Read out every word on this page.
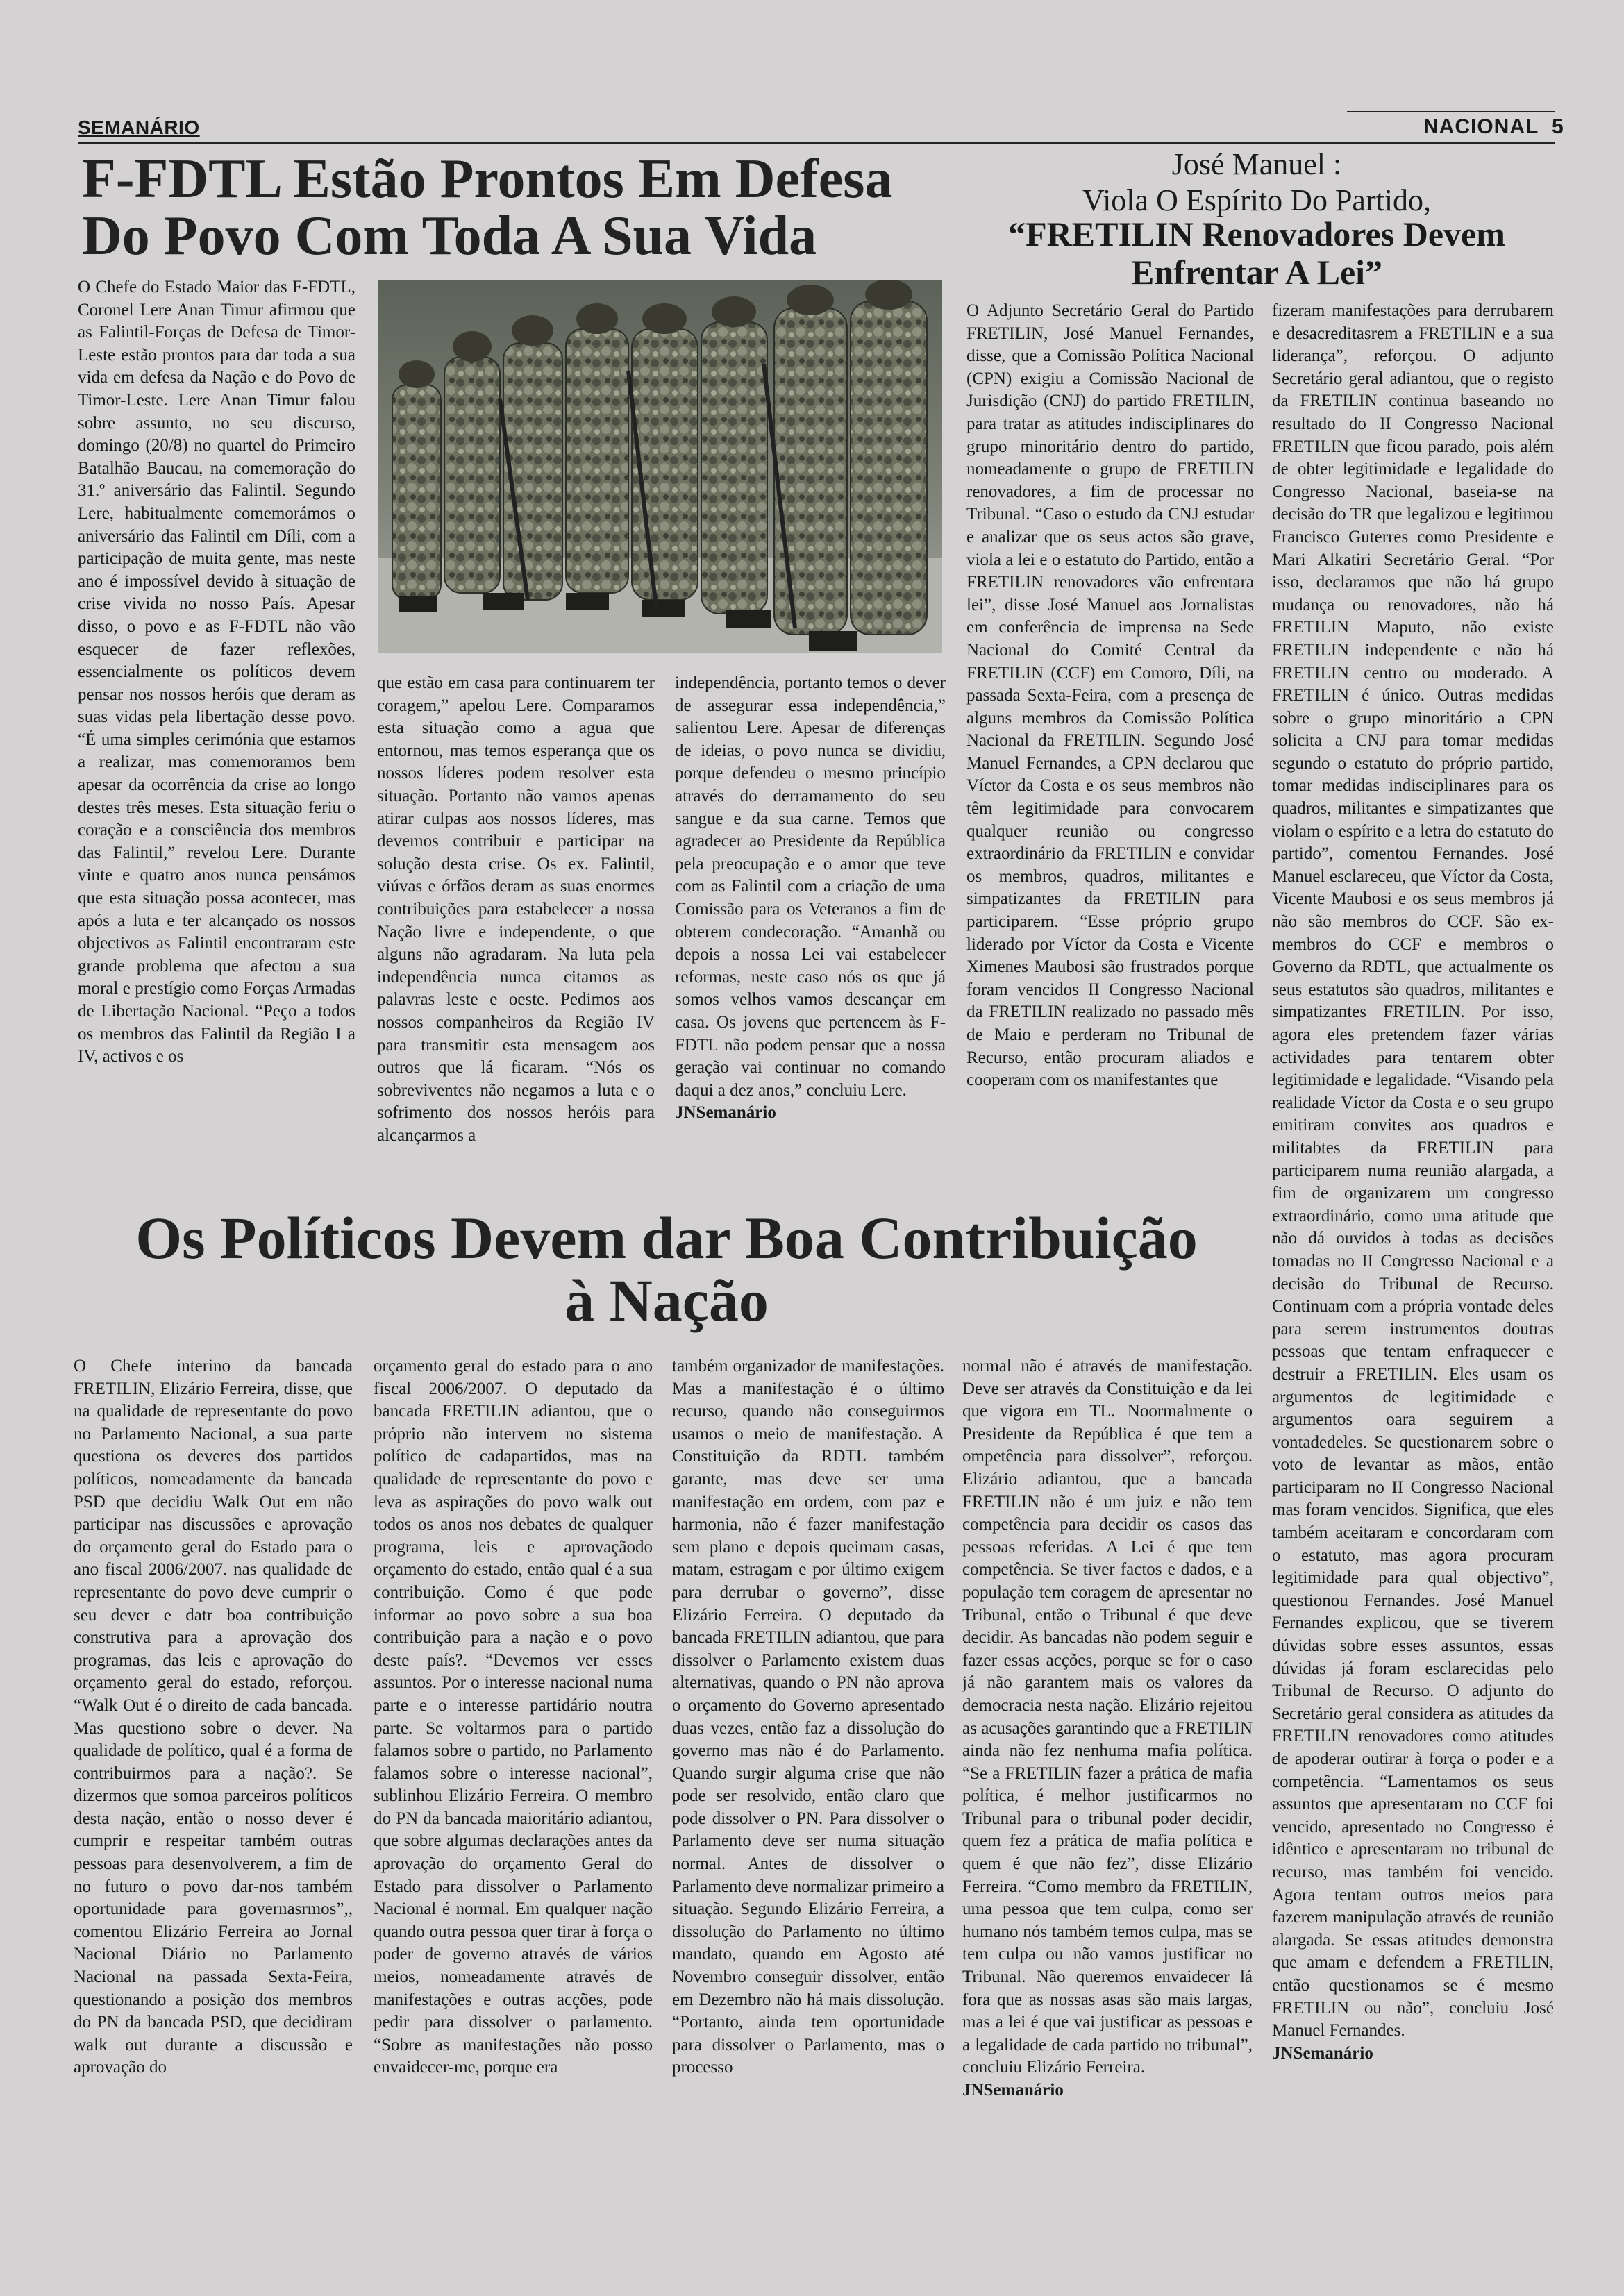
SEMANÁRIO	NACIONAL 5
F-FDTL Estão Prontos Em Defesa
Do Povo Com Toda A Sua Vida

O Chefe do Estado Maior das F-FDTL, Coronel Lere Anan Timur afirmou que as Falintil-Forças de Defesa de Timor-Leste estão prontos para dar toda a sua vida em defesa da Nação e do Povo de Timor-Leste. Lere Anan Timur falou sobre assunto, no seu discurso, domingo (20/8) no quartel do Primeiro Batalhão Baucau, na comemoração do 31.º aniversário das Falintil. Segundo Lere, habitualmente comemorámos o aniversário das Falintil em Díli, com a participação de muita gente, mas neste ano é impossível devido à situação de crise vivida no nosso País. Apesar disso, o povo e as F-FDTL não vão esquecer de fazer reflexões, essencialmente os políticos devem pensar nos nossos heróis que deram as suas vidas pela libertação desse povo. “É uma simples cerimónia que estamos a realizar, mas comemoramos bem apesar da ocorrência da crise ao longo destes três meses. Esta situação feriu o coração e a consciência dos membros das Falintil,” revelou Lere. Durante vinte e quatro anos nunca pensámos que esta situação possa acontecer, mas após a luta e ter alcançado os nossos objectivos as Falintil encontraram este grande problema que afectou a sua moral e prestígio como Forças Armadas de Libertação Nacional. “Peço a todos os membros das Falintil da Região I a IV, activos e os

que estão em casa para continuarem ter coragem,” apelou Lere. Comparamos esta situação como a agua que entornou, mas temos esperança que os nossos líderes podem resolver esta situação. Portanto não vamos apenas atirar culpas aos nossos líderes, mas devemos contribuir e participar na solução desta crise. Os ex. Falintil, viúvas e órfãos deram as suas enormes contribuições para estabelecer a nossa Nação livre e independente, o que alguns não agradaram. Na luta pela independência nunca citamos as palavras leste e oeste. Pedimos aos nossos companheiros da Região IV para transmitir esta mensagem aos outros que lá ficaram. “Nós os sobreviventes não negamos a luta e o sofrimento dos nossos heróis para alcançarmos a

independência, portanto temos o dever de assegurar essa independência,” salientou Lere. Apesar de diferenças de ideias, o povo nunca se dividiu, porque defendeu o mesmo princípio através do derramamento do seu sangue e da sua carne. Temos que agradecer ao Presidente da República pela preocupação e o amor que teve com as Falintil com a criação de uma Comissão para os Veteranos a fim de obterem condecoração. “Amanhã ou depois a nossa Lei vai estabelecer reformas, neste caso nós os que já somos velhos vamos descançar em casa. Os jovens que pertencem às F-FDTL não podem pensar que a nossa geração vai continuar no comando daqui a dez anos,” concluiu Lere.

JNSemanário

José Manuel :
Viola O Espírito Do Partido,
“FRETILIN Renovadores Devem Enfrentar A Lei”

O Adjunto Secretário Geral do Partido FRETILIN, José Manuel Fernandes, disse, que a Comissão Política Nacional (CPN) exigiu a Comissão Nacional de Jurisdição (CNJ) do partido FRETILIN, para tratar as atitudes indisciplinares do grupo minoritário dentro do partido, nomeadamente o grupo de FRETILIN renovadores, a fim de processar no Tribunal. “Caso o estudo da CNJ estudar e analizar que os seus actos são grave, viola a lei e o estatuto do Partido, então a FRETILIN renovadores vão enfrentara lei”, disse José Manuel aos Jornalistas em conferência de imprensa na Sede Nacional do Comité Central da FRETILIN (CCF) em Comoro, Díli, na passada Sexta-Feira, com a presença de alguns membros da Comissão Política Nacional da FRETILIN. Segundo José Manuel Fernandes, a CPN declarou que Víctor da Costa e os seus membros não têm legitimidade para convocarem qualquer reunião ou congresso extraordinário da FRETILIN e convidar os membros, quadros, militantes e simpatizantes da FRETILIN para participarem. “Esse próprio grupo liderado por Víctor da Costa e Vicente Ximenes Maubosi são frustrados porque foram vencidos II Congresso Nacional da FRETILIN realizado no passado mês de Maio e perderam no Tribunal de Recurso, então procuram aliados e cooperam com os manifestantes que

fizeram manifestações para derrubarem e desacreditasrem a FRETILIN e a sua liderança”, reforçou. O adjunto Secretário geral adiantou, que o registo da FRETILIN continua baseando no resultado do II Congresso Nacional FRETILIN que ficou parado, pois além de obter legitimidade e legalidade do Congresso Nacional, baseia-se na decisão do TR que legalizou e legitimou Francisco Guterres como Presidente e Mari Alkatiri Secretário Geral. “Por isso, declaramos que não há grupo mudança ou renovadores, não há FRETILIN Maputo, não existe FRETILIN independente e não há FRETILIN centro ou moderado. A FRETILIN é único. Outras medidas sobre o grupo minoritário a CPN solicita a CNJ para tomar medidas segundo o estatuto do próprio partido, tomar medidas indisciplinares para os quadros, militantes e simpatizantes que violam o espírito e a letra do estatuto do partido”, comentou Fernandes. José Manuel esclareceu, que Víctor da Costa, Vicente Maubosi e os seus membros já não são membros do CCF. São ex-membros do CCF e membros o Governo da RDTL, que actualmente os seus estatutos são quadros, militantes e simpatizantes FRETILIN. Por isso, agora eles pretendem fazer várias actividades para tentarem obter legitimidade e legalidade. “Visando pela realidade Víctor da Costa e o seu grupo emitiram convites aos quadros e militabtes da FRETILIN para participarem numa reunião alargada, a fim de organizarem um congresso extraordinário, como uma atitude que não dá ouvidos à todas as decisões tomadas no II Congresso Nacional e a decisão do Tribunal de Recurso. Continuam com a própria vontade deles para serem instrumentos doutras pessoas que tentam enfraquecer e destruir a FRETILIN. Eles usam os argumentos de legitimidade e argumentos oara seguirem a vontadedeles. Se questionarem sobre o voto de levantar as mãos, então participaram no II Congresso Nacional mas foram vencidos. Significa, que eles também aceitaram e concordaram com o estatuto, mas agora procuram legitimidade para qual objectivo”, questionou Fernandes. José Manuel Fernandes explicou, que se tiverem dúvidas sobre esses assuntos, essas dúvidas já foram esclarecidas pelo Tribunal de Recurso. O adjunto do Secretário geral considera as atitudes da FRETILIN renovadores como atitudes de apoderar outirar à força o poder e a competência. “Lamentamos os seus assuntos que apresentaram no CCF foi vencido, apresentado no Congresso é idêntico e apresentaram no tribunal de recurso, mas também foi vencido. Agora tentam outros meios para fazerem manipulação através de reunião alargada. Se essas atitudes demonstra que amam e defendem a FRETILIN, então questionamos se é mesmo FRETILIN ou não”, concluiu José Manuel Fernandes.

JNSemanário

Os Políticos Devem dar Boa Contribuição
à Nação

O Chefe interino da bancada FRETILIN, Elizário Ferreira, disse, que na qualidade de representante do povo no Parlamento Nacional, a sua parte questiona os deveres dos partidos políticos, nomeadamente da bancada PSD que decidiu Walk Out em não participar nas discussões e aprovação do orçamento geral do Estado para o ano fiscal 2006/2007. nas qualidade de representante do povo deve cumprir o seu dever e datr boa contribuição construtiva para a aprovação dos programas, das leis e aprovação do orçamento geral do estado, reforçou. “Walk Out é o direito de cada bancada. Mas questiono sobre o dever. Na qualidade de político, qual é a forma de contribuirmos para a nação?. Se dizermos que somoa parceiros políticos desta nação, então o nosso dever é cumprir e respeitar também outras pessoas para desenvolverem, a fim de no futuro o povo dar-nos também oportunidade para governasrmos”,, comentou Elizário Ferreira ao Jornal Nacional Diário no Parlamento Nacional na passada Sexta-Feira, questionando a posição dos membros do PN da bancada PSD, que decidiram walk out durante a discussão e aprovação do

orçamento geral do estado para o ano fiscal 2006/2007. O deputado da bancada FRETILIN adiantou, que o próprio não intervem no sistema político de cadapartidos, mas na qualidade de representante do povo e leva as aspirações do povo walk out todos os anos nos debates de qualquer programa, leis e aprovaçãodo orçamento do estado, então qual é a sua contribuição. Como é que pode informar ao povo sobre a sua boa contribuição para a nação e o povo deste país?. “Devemos ver esses assuntos. Por o interesse nacional numa parte e o interesse partidário noutra parte. Se voltarmos para o partido falamos sobre o partido, no Parlamento falamos sobre o interesse nacional”, sublinhou Elizário Ferreira. O membro do PN da bancada maioritário adiantou, que sobre algumas declarações antes da aprovação do orçamento Geral do Estado para dissolver o Parlamento Nacional é normal. Em qualquer nação quando outra pessoa quer tirar à força o poder de governo através de vários meios, nomeadamente através de manifestações e outras acções, pode pedir para dissolver o parlamento. “Sobre as manifestações não posso envaidecer-me, porque era

também organizador de manifestações. Mas a manifestação é o último recurso, quando não conseguirmos usamos o meio de manifestação. A Constituição da RDTL também garante, mas deve ser uma manifestação em ordem, com paz e harmonia, não é fazer manifestação sem plano e depois queimam casas, matam, estragam e por último exigem para derrubar o governo”, disse Elizário Ferreira. O deputado da bancada FRETILIN adiantou, que para dissolver o Parlamento existem duas alternativas, quando o PN não aprova o orçamento do Governo apresentado duas vezes, então faz a dissolução do governo mas não é do Parlamento. Quando surgir alguma crise que não pode ser resolvido, então claro que pode dissolver o PN. Para dissolver o Parlamento deve ser numa situação normal. Antes de dissolver o Parlamento deve normalizar primeiro a situação. Segundo Elizário Ferreira, a dissolução do Parlamento no último mandato, quando em Agosto até Novembro conseguir dissolver, então em Dezembro não há mais dissolução. “Portanto, ainda tem oportunidade para dissolver o Parlamento, mas o processo

normal não é através de manifestação. Deve ser através da Constituição e da lei que vigora em TL. Noormalmente o Presidente da República é que tem a ompetência para dissolver”, reforçou. Elizário adiantou, que a bancada FRETILIN não é um juiz e não tem competência para decidir os casos das pessoas referidas. A Lei é que tem competência. Se tiver factos e dados, e a população tem coragem de apresentar no Tribunal, então o Tribunal é que deve decidir. As bancadas não podem seguir e fazer essas acções, porque se for o caso já não garantem mais os valores da democracia nesta nação. Elizário rejeitou as acusações garantindo que a FRETILIN ainda não fez nenhuma mafia política. “Se a FRETILIN fazer a prática de mafia política, é melhor justificarmos no Tribunal para o tribunal poder decidir, quem fez a prática de mafia política e quem é que não fez”, disse Elizário Ferreira. “Como membro da FRETILIN, uma pessoa que tem culpa, como ser humano nós também temos culpa, mas se tem culpa ou não vamos justificar no Tribunal. Não queremos envaidecer lá fora que as nossas asas são mais largas, mas a lei é que vai justificar as pessoas e a legalidade de cada partido no tribunal”, concluiu Elizário Ferreira.

JNSemanário
